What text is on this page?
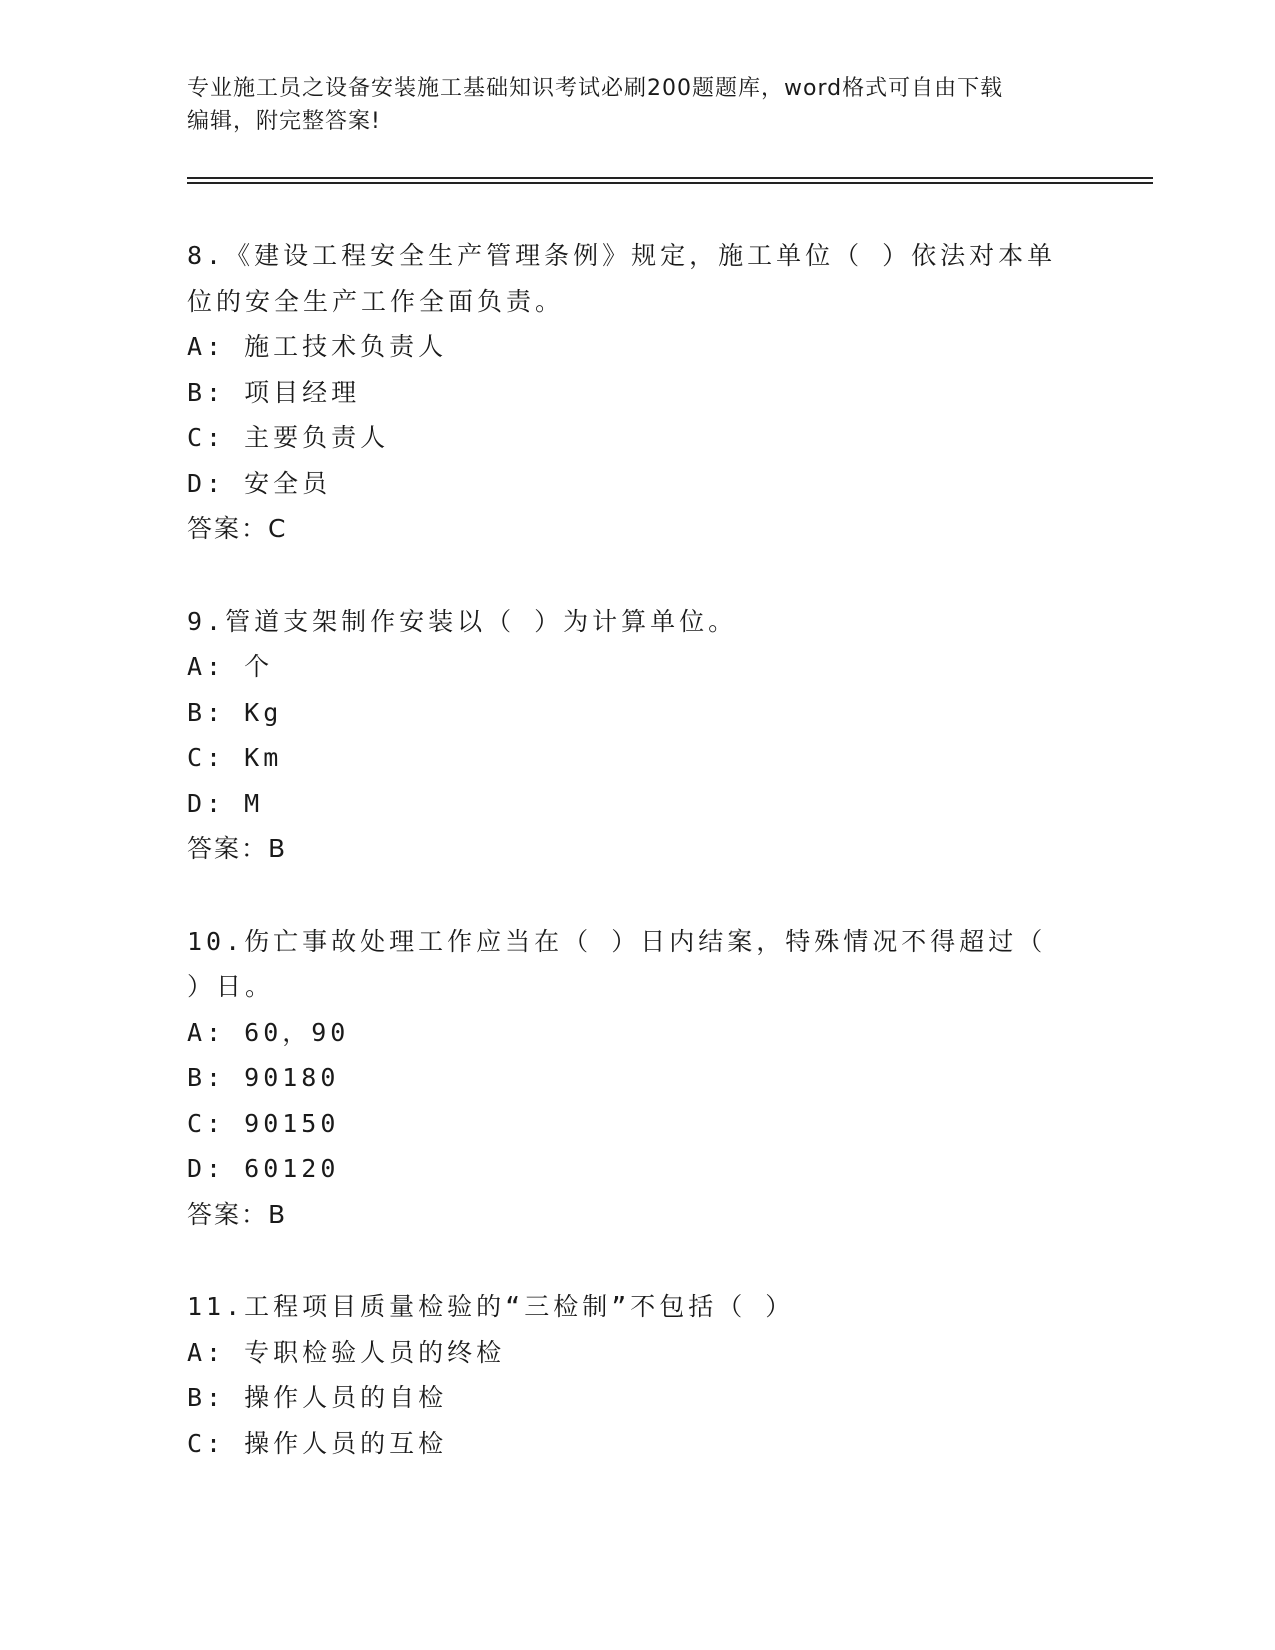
专业施工员之设备安装施工基础知识考试必刷200题题库，word格式可自由下载
编辑，附完整答案!
8.《建设工程安全生产管理条例》规定，施工单位（ ）依法对本单位的安全生产工作全面负责。
A: 施工技术负责人
B: 项目经理
C: 主要负责人
D: 安全员
答案：C
9.管道支架制作安装以（ ）为计算单位。
A: 个
B: Kg
C: Km
D: M
答案：B
10.伤亡事故处理工作应当在（ ）日内结案，特殊情况不得超过（ ）日。
A: 60，90
B: 90180
C: 90150
D: 60120
答案：B
11.工程项目质量检验的“三检制”不包括（ ）
A: 专职检验人员的终检
B: 操作人员的自检
C: 操作人员的互检
